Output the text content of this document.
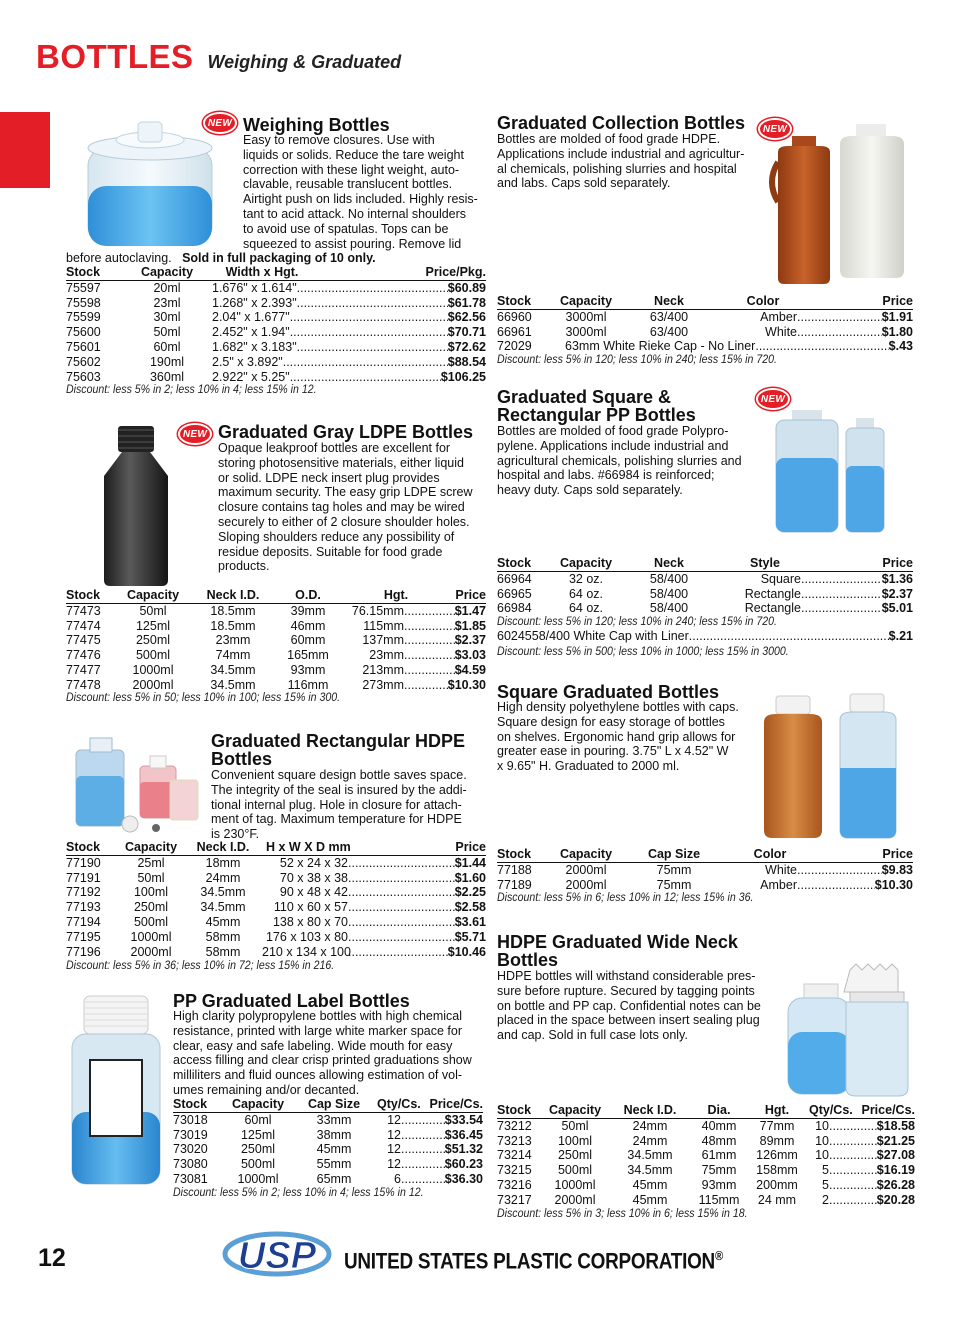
BOTTLES Weighing & Graduated
NEW Weighing Bottles
Easy to remove closures. Use with
liquids or solids. Reduce the tare weight
correction with these light weight, auto-
clavable, reusable translucent bottles.
Airtight push on lids included. Highly resis-
tant to acid attack. No internal shoulders
to avoid use of spatulas. Tops can be
squeezed to assist pouring. Remove lid
before autoclaving. Sold in full packaging of 10 only.
Stock	Capacity	Width x Hgt.	Price/Pkg.
75597	20ml	1.676" x 1.614" ..... $60.89

75598	23ml	1.268" x 2.393" ..... $61.78

75599	30ml	2.04" x 1.677" ..... $62.56

75600	50ml	2.452" x 1.94" ..... $70.71

75601	60ml	1.682" x 3.183" ..... $72.62

75602	190ml	2.5" x 3.892" ..... $88.54

75603	360ml	2.922" x 5.25" ..... $106.25
Discount: less 5% in 2; less 10% in 4; less 15% in 12.
NEW Graduated Gray LDPE Bottles
Opaque leakproof bottles are excellent for
storing photosensitive materials, either liquid
or solid. LDPE neck insert plug provides
maximum security. The easy grip LDPE screw
closure contains tag holes and may be wired
securely to either of 2 closure shoulder holes.
Sloping shoulders reduce any possibility of
residue deposits. Suitable for food grade
products.
Stock	Capacity	Neck I.D.	O.D.	Hgt. Price
77473	50ml	18.5mm	39mm	76.15mm ..... $1.47

77474	125ml	18.5mm	46mm	115mm ..... $1.85

77475	250ml	23mm	60mm	137mm ..... $2.37

77476	500ml	74mm	165mm	23mm ..... $3.03

77477	1000ml	34.5mm	93mm	213mm ..... $4.59

77478	2000ml	34.5mm	116mm	273mm ..... $10.30
Discount: less 5% in 50; less 10% in 100; less 15% in 300.
Graduated Rectangular HDPE
Bottles
Convenient square design bottle saves space.
The integrity of the seal is insured by the addi-
tional internal plug. Hole in closure for attach-
ment of tag. Maximum temperature for HDPE
is 230°F.
Stock	Capacity	Neck I.D.	H x W X D mm Price
77190	25ml	18mm	52 x 24 x 32 ..... $1.44

77191	50ml	24mm	70 x 38 x 38 ..... $1.60

77192	100ml	34.5mm	90 x 48 x 42 ..... $2.25

77193	250ml	34.5mm	110 x 60 x 57 ..... $2.58

77194	500ml	45mm	138 x 80 x 70 ..... $3.61

77195	1000ml	58mm	176 x 103 x 80 ..... $5.71

77196	2000ml	58mm	210 x 134 x 100 ..... $10.46
Discount: less 5% in 36; less 10% in 72; less 15% in 216.
PP Graduated Label Bottles
High clarity polypropylene bottles with high chemical
resistance, printed with large white marker space for
clear, easy and safe labeling. Wide mouth for easy
access filling and clear crisp printed graduations show
milliliters and fluid ounces allowing estimation of vol-
umes remaining and/or decanted.
Stock	Capacity	Cap Size	Qty/Cs. Price/Cs.
73018	60ml	33mm	12 ..... $33.54

73019	125ml	38mm	12 ..... $36.45

73020	250ml	45mm	12 ..... $51.32

73080	500ml	55mm	12 ..... $60.23

73081	1000ml	65mm	6 ..... $36.30
Discount: less 5% in 2; less 10% in 4; less 15% in 12.
Graduated Collection Bottles	NEW
Bottles are molded of food grade HDPE.
Applications include industrial and agricultur-
al chemicals, polishing slurries and hospital
and labs. Caps sold separately.
Stock	Capacity	Neck	Color Price
66960	3000ml	63/400	Amber ..... $1.91

66961	3000ml	63/400	White ..... $1.80

72029	63mm White Rieke Cap - No Liner ..... $.43
Discount: less 5% in 120; less 10% in 240; less 15% in 720.
Graduated Square &
Rectangular PP Bottles
NEW
Bottles are molded of food grade Polypro-
pylene. Applications include industrial and
agricultural chemicals, polishing slurries and
hospital and labs. #66984 is reinforced;
heavy duty. Caps sold separately.
Stock	Capacity	Neck	Style Price
66964	32 oz.	58/400	Square ..... $1.36

66965	64 oz.	58/400	Rectangle ..... $2.37

66984	64 oz.	58/400	Rectangle ..... $5.01
Discount: less 5% in 120; less 10% in 240; less 15% in 720.
60245 58/400 White Cap with Liner .....	$.21
Discount: less 5% in 500; less 10% in 1000; less 15% in 3000.
Square Graduated Bottles
High density polyethylene bottles with caps.
Square design for easy storage of bottles
on shelves. Ergonomic hand grip allows for
greater ease in pouring. 3.75" L x 4.52" W
x 9.65" H. Graduated to 2000 ml.
Stock	Capacity	Cap Size	Color Price
77188	2000ml	75mm	White ..... $9.83

77189	2000ml	75mm	Amber ..... $10.30
Discount: less 5% in 6; less 10% in 12; less 15% in 36.
HDPE Graduated Wide Neck
Bottles
HDPE bottles will withstand considerable pres-
sure before rupture. Secured by tagging points
on bottle and PP cap. Confidential notes can be
placed in the space between insert sealing plug
and cap. Sold in full case lots only.
Stock	Capacity	Neck I.D.	Dia.	Hgt.	Qty/Cs. Price/Cs.
73212	50ml	24mm	40mm	77mm	10 ..... $18.58

73213	100ml	24mm	48mm	89mm	10 ..... $21.25

73214	250ml	34.5mm	61mm	126mm	10 ..... $27.08

73215	500ml	34.5mm	75mm	158mm	5 ..... $16.19

73216	1000ml	45mm	93mm	200mm	5 ..... $26.28

73217	2000ml	45mm	115mm	24 mm	2 ..... $20.28
Discount: less 5% in 3; less 10% in 6; less 15% in 18.
12	USP UNITED STATES PLASTIC CORPORATION®
